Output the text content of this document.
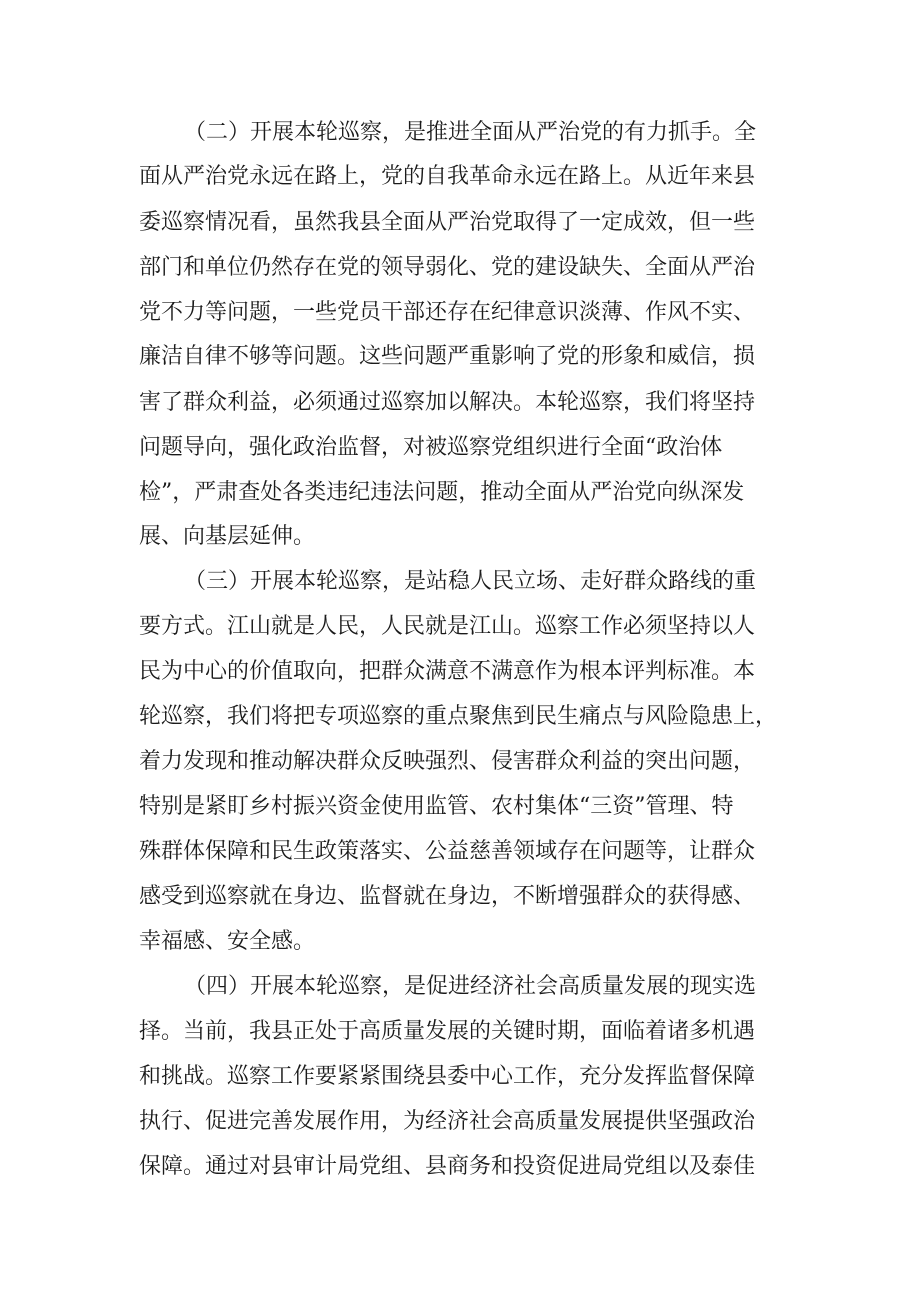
（二）开展本轮巡察，是推进全面从严治党的有力抓手。全
面从严治党永远在路上，党的自我革命永远在路上。从近年来县
委巡察情况看，虽然我县全面从严治党取得了一定成效，但一些
部门和单位仍然存在党的领导弱化、党的建设缺失、全面从严治
党不力等问题，一些党员干部还存在纪律意识淡薄、作风不实、
廉洁自律不够等问题。这些问题严重影响了党的形象和威信，损
害了群众利益，必须通过巡察加以解决。本轮巡察，我们将坚持
问题导向，强化政治监督，对被巡察党组织进行全面“政治体
检”，严肃查处各类违纪违法问题，推动全面从严治党向纵深发
展、向基层延伸。
（三）开展本轮巡察，是站稳人民立场、走好群众路线的重
要方式。江山就是人民，人民就是江山。巡察工作必须坚持以人
民为中心的价值取向，把群众满意不满意作为根本评判标准。本
轮巡察，我们将把专项巡察的重点聚焦到民生痛点与风险隐患上，
着力发现和推动解决群众反映强烈、侵害群众利益的突出问题，
特别是紧盯乡村振兴资金使用监管、农村集体“三资”管理、特
殊群体保障和民生政策落实、公益慈善领域存在问题等，让群众
感受到巡察就在身边、监督就在身边，不断增强群众的获得感、
幸福感、安全感。
（四）开展本轮巡察，是促进经济社会高质量发展的现实选
择。当前，我县正处于高质量发展的关键时期，面临着诸多机遇
和挑战。巡察工作要紧紧围绕县委中心工作，充分发挥监督保障
执行、促进完善发展作用，为经济社会高质量发展提供坚强政治
保障。通过对县审计局党组、县商务和投资促进局党组以及泰佳
